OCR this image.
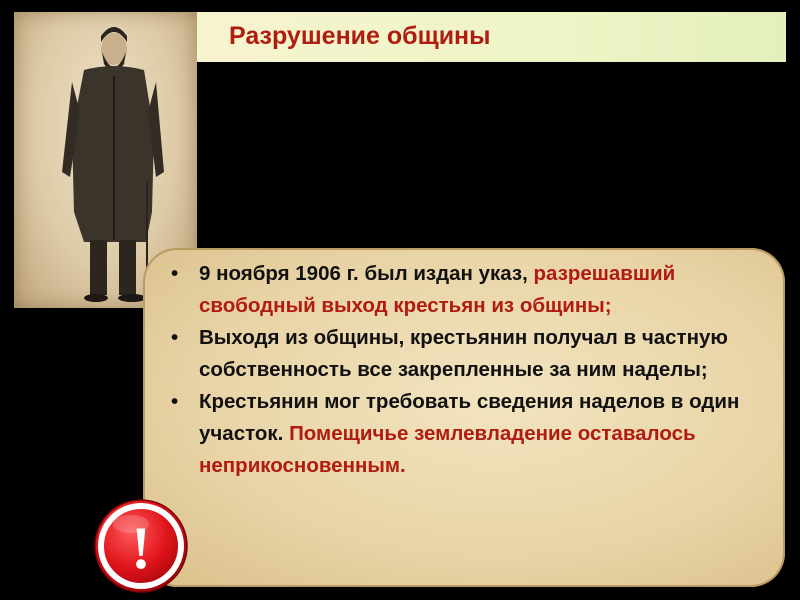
Разрушение общины
• 9 ноября 1906 г. был издан указ, разрешавший свободный выход крестьян из общины;
• Выходя из общины, крестьянин получал в частную собственность все закрепленные за ним наделы;
• Крестьянин мог требовать сведения наделов в один участок. Помещичье землевладение оставалось неприкосновенным.
!
